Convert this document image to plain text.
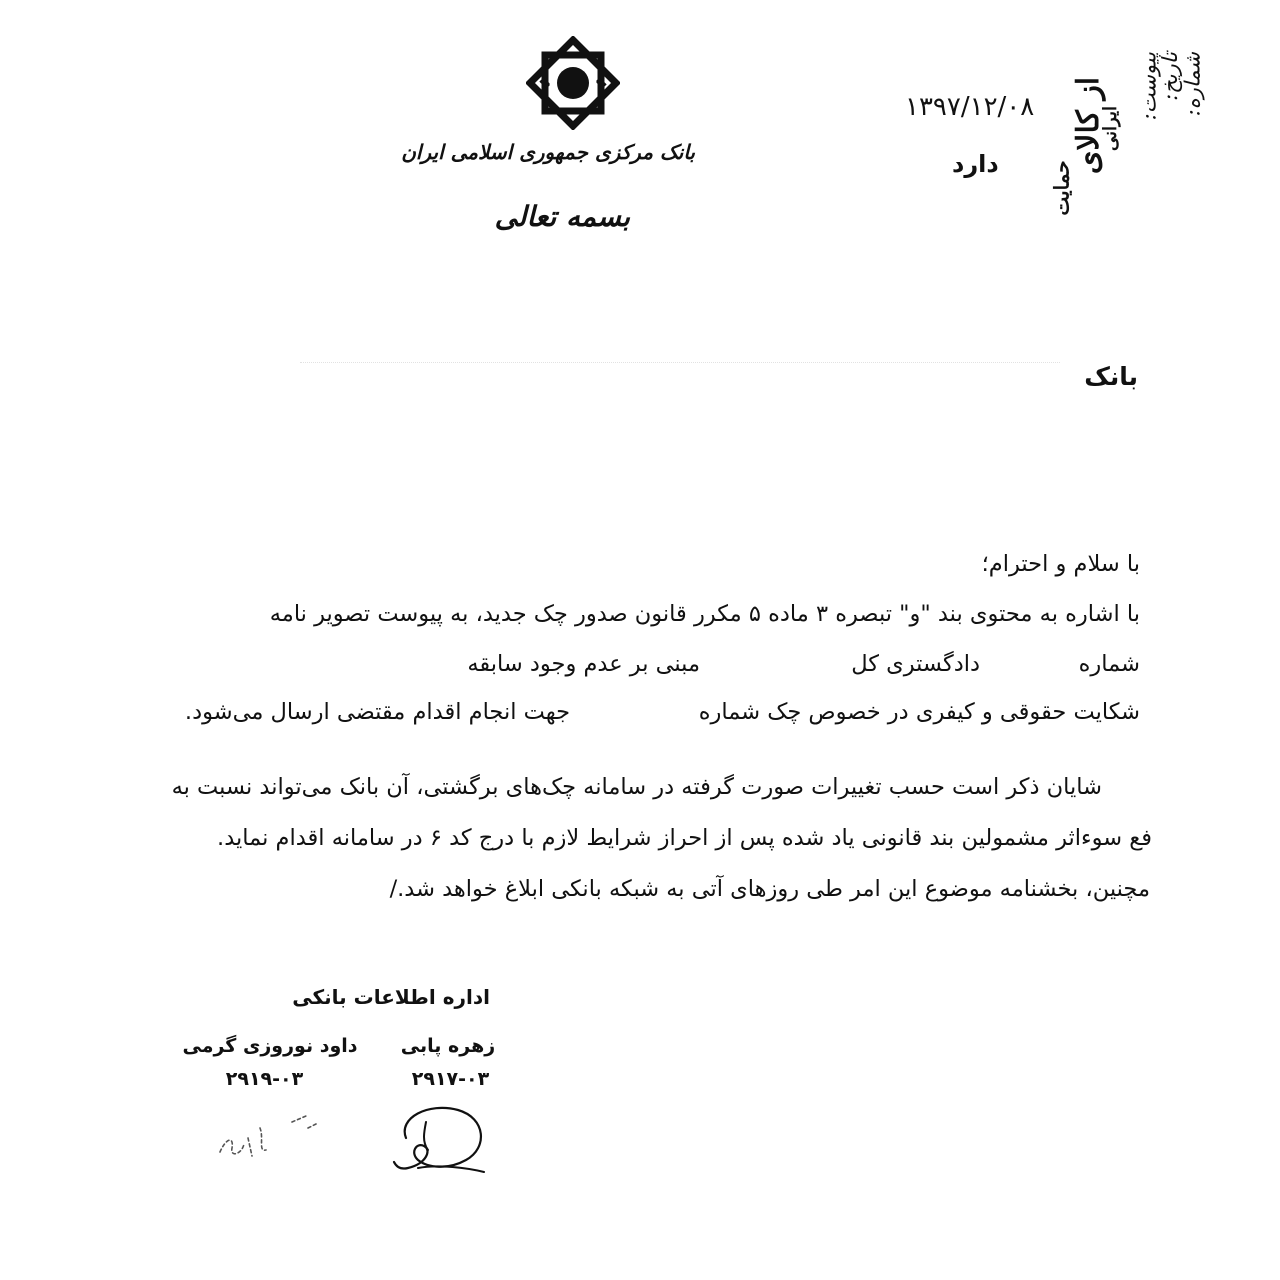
شماره:
تاریخ:
پیوست:
ایرانی
از کالای
حمایت
۱۳۹۷/۱۲/۰۸
دارد
بانک مرکزی جمهوری اسلامی ایران
بسمه تعالی
بانک
با سلام و احترام؛
با اشاره به محتوی بند "و" تبصره ۳ ماده ۵ مکرر قانون صدور چک جدید، به پیوست تصویر نامه
شماره
دادگستری کل
مبنی بر عدم وجود سابقه
شکایت حقوقی و کیفری در خصوص چک شماره
جهت انجام اقدام مقتضی ارسال می‌شود.
شایان ذکر است حسب تغییرات صورت گرفته در سامانه چک‌های برگشتی، آن بانک می‌تواند نسبت به
فع سوءاثر مشمولین بند قانونی یاد شده پس از احراز شرایط لازم با درج کد ۶ در سامانه اقدام نماید.
مچنین، بخشنامه موضوع این امر طی روزهای آتی به شبکه بانکی ابلاغ خواهد شد./
اداره اطلاعات بانکی
زهره پابی
۲۹۱۷-۰۳
داود نوروزی گرمی
۲۹۱۹-۰۳
